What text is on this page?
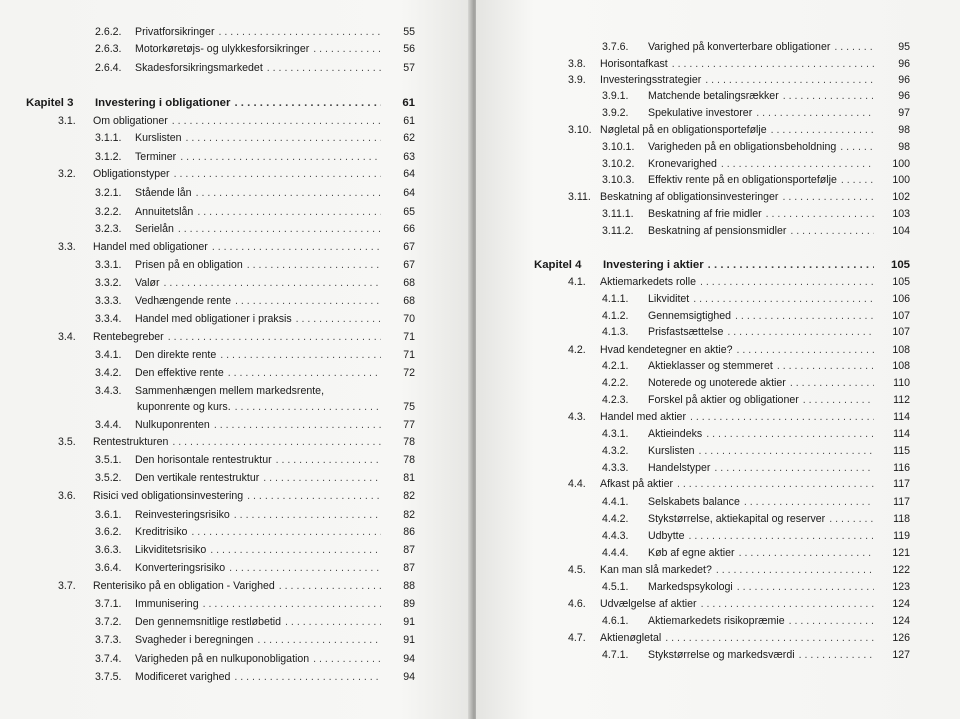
2.6.2. Privatforsikringer . . .	55
2.6.3. Motorkøretøjs- og ulykkesforsikringer . . .	56
2.6.4. Skadesforsikringsmarkedet . . .	57
Kapitel 3 Investering i obligationer . . .	61
3.1. Om obligationer . . .	61
3.1.1. Kurslisten . . .	62
3.1.2. Terminer . . .	63
3.2. Obligationstyper . . .	64
3.2.1. Stående lån . . .	64
3.2.2. Annuitetslån . . .	65
3.2.3. Serielån . . .	66
3.3. Handel med obligationer . . .	67
3.3.1. Prisen på en obligation . . .	67
3.3.2. Valør . . .	68
3.3.3. Vedhængende rente . . .	68
3.3.4. Handel med obligationer i praksis . . .	70
3.4. Rentebegreber . . .	71
3.4.1. Den direkte rente . . .	71
3.4.2. Den effektive rente . . .	72
3.4.3. Sammenhængen mellem markedsrente,
kuponrente og kurs. . . .	75
3.4.4. Nulkuponrenten . . .	77
3.5. Rentestrukturen . . .	78
3.5.1. Den horisontale rentestruktur . . .	78
3.5.2. Den vertikale rentestruktur . . .	81
3.6. Risici ved obligationsinvestering . . .	82
3.6.1. Reinvesteringsrisiko . . .	82
3.6.2. Kreditrisiko . . .	86
3.6.3. Likviditetsrisiko . . .	87
3.6.4. Konverteringsrisiko . . .	87
3.7. Renterisiko på en obligation - Varighed . . .	88
3.7.1. Immunisering . . .	89
3.7.2. Den gennemsnitlige restløbetid . . .	91
3.7.3. Svagheder i beregningen . . .	91
3.7.4. Varigheden på en nulkuponobligation . . .	94
3.7.5. Modificeret varighed . . .	94
3.7.6. Varighed på konverterbare obligationer . . .	95
3.8. Horisontafkast . . .	96
3.9. Investeringsstrategier . . .	96
3.9.1. Matchende betalingsrækker . . .	96
3.9.2. Spekulative investorer . . .	97
3.10. Nøgletal på en obligationsportefølje . . .	98
3.10.1. Varigheden på en obligationsbeholdning . . .	98
3.10.2. Kronevarighed . . .	100
3.10.3. Effektiv rente på en obligationsportefølje . . .	100
3.11. Beskatning af obligationsinvesteringer . . .	102
3.11.1. Beskatning af frie midler . . .	103
3.11.2. Beskatning af pensionsmidler . . .	104
Kapitel 4 Investering i aktier . . .	105
4.1. Aktiemarkedets rolle . . .	105
4.1.1. Likviditet . . .	106
4.1.2. Gennemsigtighed . . .	107
4.1.3. Prisfastsættelse . . .	107
4.2. Hvad kendetegner en aktie? . . .	108
4.2.1. Aktieklasser og stemmeret . . .	108
4.2.2. Noterede og unoterede aktier . . .	110
4.2.3. Forskel på aktier og obligationer . . .	112
4.3. Handel med aktier . . .	114
4.3.1. Aktieindeks . . .	114
4.3.2. Kurslisten . . .	115
4.3.3. Handelstyper . . .	116
4.4. Afkast på aktier . . .	117
4.4.1. Selskabets balance . . .	117
4.4.2. Stykstørrelse, aktiekapital og reserver . . .	118
4.4.3. Udbytte . . .	119
4.4.4. Køb af egne aktier . . .	121
4.5. Kan man slå markedet? . . .	122
4.5.1. Markedspsykologi . . .	123
4.6. Udvælgelse af aktier . . .	124
4.6.1. Aktiemarkedets risikopræmie . . .	124
4.7. Aktienøgletal . . .	126
4.7.1. Stykstørrelse og markedsværdi . . .	127
